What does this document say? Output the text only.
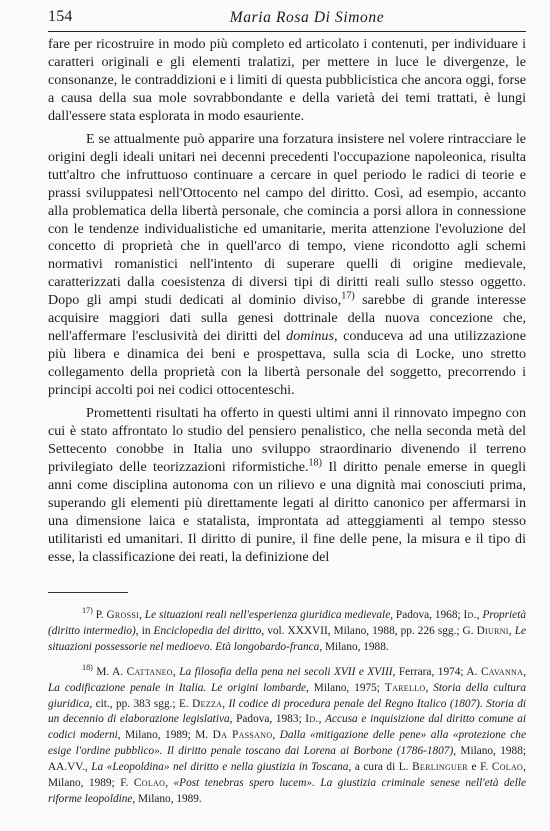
154	Maria Rosa Di Simone

fare per ricostruire in modo più completo ed articolato i contenuti, per individuare i caratteri originali e gli elementi tralatizi, per mettere in luce le divergenze, le consonanze, le contraddizioni e i limiti di questa pubblicistica che ancora oggi, forse a causa della sua mole sovrabbondante e della varietà dei temi trattati, è lungi dall'essere stata esplorata in modo esauriente.

E se attualmente può apparire una forzatura insistere nel volere rintracciare le origini degli ideali unitari nei decenni precedenti l'occupazione napoleonica, risulta tutt'altro che infruttuoso continuare a cercare in quel periodo le radici di teorie e prassi sviluppatesi nell'Ottocento nel campo del diritto. Così, ad esempio, accanto alla problematica della libertà personale, che comincia a porsi allora in connessione con le tendenze individualistiche ed umanitarie, merita attenzione l'evoluzione del concetto di proprietà che in quell'arco di tempo, viene ricondotto agli schemi normativi romanistici nell'intento di superare quelli di origine medievale, caratterizzati dalla coesistenza di diversi tipi di diritti reali sullo stesso oggetto. Dopo gli ampi studi dedicati al dominio diviso,$^{17)}$ sarebbe di grande interesse acquisire maggiori dati sulla genesi dottrinale della nuova concezione che, nell'affermare l'esclusività dei diritti del dominus, conduceva ad una utilizzazione più libera e dinamica dei beni e prospettava, sulla scia di Locke, uno stretto collegamento della proprietà con la libertà personale del soggetto, precorrendo i principi accolti poi nei codici ottocenteschi.

Promettenti risultati ha offerto in questi ultimi anni il rinnovato impegno con cui è stato affrontato lo studio del pensiero penalistico, che nella seconda metà del Settecento conobbe in Italia uno sviluppo straordinario divenendo il terreno privilegiato delle teorizzazioni riformistiche.$^{18)}$ Il diritto penale emerse in quegli anni come disciplina autonoma con un rilievo e una dignità mai conosciuti prima, superando gli elementi più direttamente legati al diritto canonico per affermarsi in una dimensione laica e statalista, improntata ad atteggiamenti al tempo stesso utilitaristi ed umanitari. Il diritto di punire, il fine delle pene, la misura e il tipo di esse, la classificazione dei reati, la definizione del

$^{17)}$ P. Grossi, Le situazioni reali nell'esperienza giuridica medievale, Padova, 1968; Id., Proprietà (diritto intermedio), in Enciclopedia del diritto, vol. XXXVII, Milano, 1988, pp. 226 sgg.; G. Diurni, Le situazioni possessorie nel medioevo. Età longobardo-franca, Milano, 1988.

$^{18)}$ M. A. Cattaneo, La filosofia della pena nei secoli XVII e XVIII, Ferrara, 1974; A. Cavanna, La codificazione penale in Italia. Le origini lombarde, Milano, 1975; Tarello, Storia della cultura giuridica, cit., pp. 383 sgg.; E. Dezza, Il codice di procedura penale del Regno Italico (1807). Storia di un decennio di elaborazione legislativa, Padova, 1983; Id., Accusa e inquisizione dal diritto comune ai codici moderni, Milano, 1989; M. Da Passano, Dalla «mitigazione delle pene» alla «protezione che esige l'ordine pubblico». Il diritto penale toscano dai Lorena ai Borbone (1786-1807), Milano, 1988; AA.VV., La «Leopoldina» nel diritto e nella giustizia in Toscana, a cura di L. Berlinguer e F. Colao, Milano, 1989; F. Colao, «Post tenebras spero lucem». La giustizia criminale senese nell'età delle riforme leopoldine, Milano, 1989.
